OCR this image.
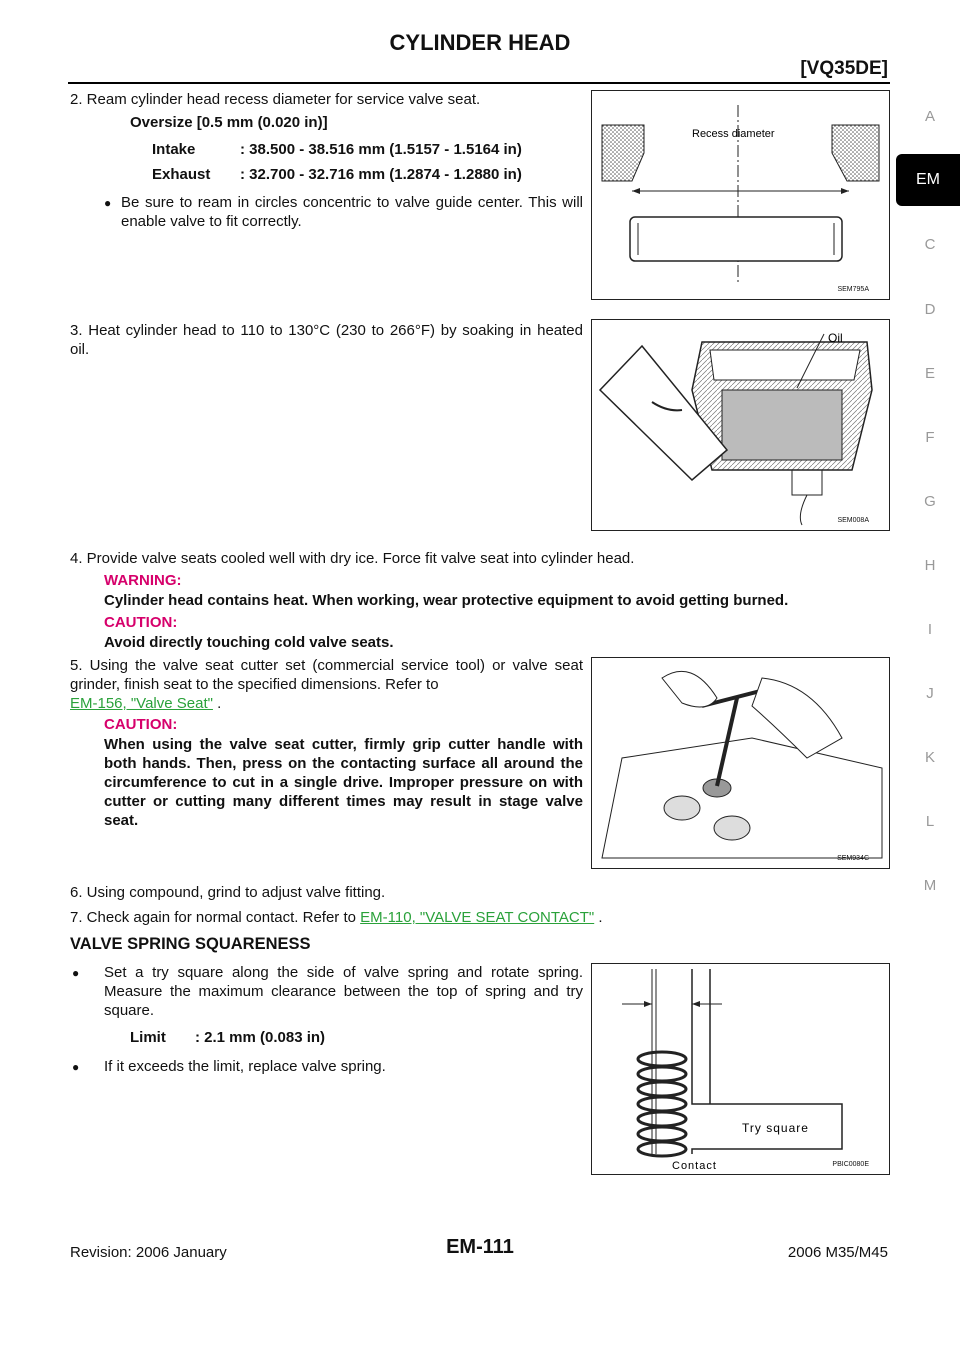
CYLINDER HEAD
[VQ35DE]
A
EM
C
D
E
F
G
H
I
J
K
L
M
2. Ream cylinder head recess diameter for service valve seat.
Oversize [0.5 mm (0.020 in)]
Intake	: 38.500 - 38.516 mm (1.5157 - 1.5164 in)
Exhaust : 32.700 - 32.716 mm (1.2874 - 1.2880 in)
● Be sure to ream in circles concentric to valve guide center. This will enable valve to fit correctly.
Recess diameter
SEM795A
3. Heat cylinder head to 110 to 130°C (230 to 266°F) by soaking in heated oil.
Oil
SEM008A
4. Provide valve seats cooled well with dry ice. Force fit valve seat into cylinder head.
WARNING:
Cylinder head contains heat. When working, wear protective equipment to avoid getting burned.
CAUTION:
Avoid directly touching cold valve seats.
5. Using the valve seat cutter set (commercial service tool) or valve seat grinder, finish seat to the specified dimensions. Refer to
EM-156, "Valve Seat" .
CAUTION:
When using the valve seat cutter, firmly grip cutter handle with both hands. Then, press on the contacting surface all around the circumference to cut in a single drive. Improper pressure on with cutter or cutting many different times may result in stage valve seat.
SEM934C
6. Using compound, grind to adjust valve fitting.
7. Check again for normal contact. Refer to EM-110, "VALVE SEAT CONTACT" .
VALVE SPRING SQUARENESS
● Set a try square along the side of valve spring and rotate spring. Measure the maximum clearance between the top of spring and try square.
Limit : 2.1 mm (0.083 in)
● If it exceeds the limit, replace valve spring.
Try square
Contact	PBIC0080E
Revision: 2006 January	EM-111	2006 M35/M45
